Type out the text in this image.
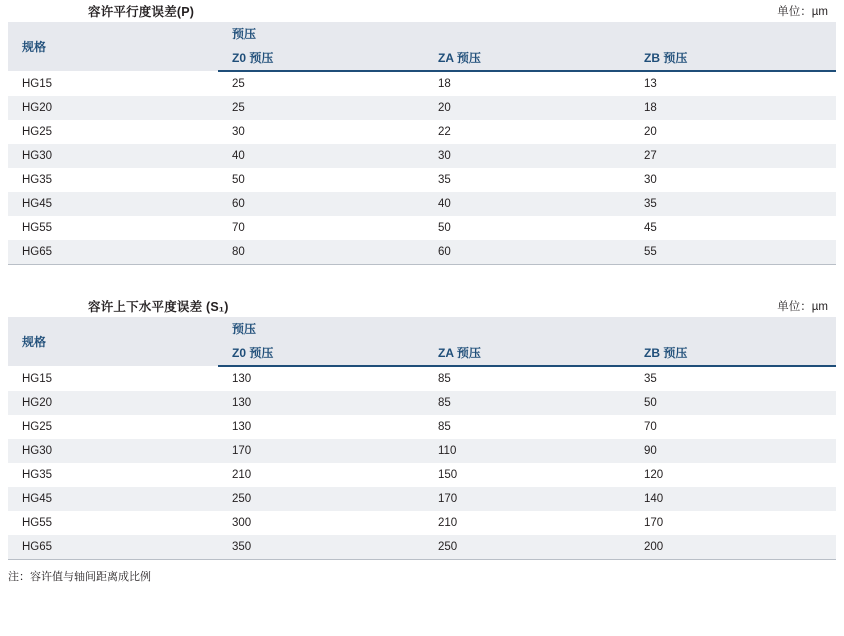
容许平行度误差(P)	单位：µm
规格	预压		
	Z0 预压	ZA 预压	ZB 预压
HG15	25	18	13
HG20	25	20	18
HG25	30	22	20
HG30	40	30	27
HG35	50	35	30
HG45	60	40	35
HG55	70	50	45
HG65	80	60	55
容许上下水平度误差 (S₁)	单位：µm
规格	预压		
	Z0 预压	ZA 预压	ZB 预压
HG15	130	85	35
HG20	130	85	50
HG25	130	85	70
HG30	170	110	90
HG35	210	150	120
HG45	250	170	140
HG55	300	210	170
HG65	350	250	200
注：容许值与轴间距离成比例
